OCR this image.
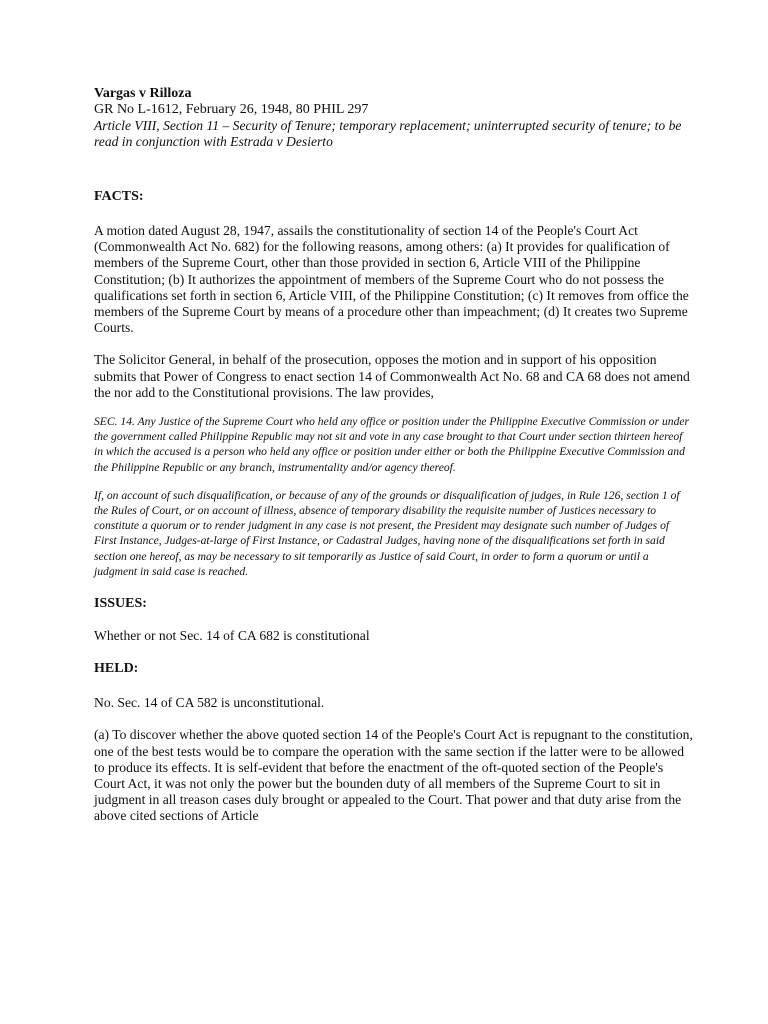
Vargas v Rilloza

GR No L-1612, February 26, 1948, 80 PHIL 297

Article VIII, Section 11 – Security of Tenure; temporary replacement; uninterrupted security of tenure; to be read in conjunction with Estrada v Desierto

FACTS:

A motion dated August 28, 1947, assails the constitutionality of section 14 of the People's Court Act (Commonwealth Act No. 682) for the following reasons, among others: (a) It provides for qualification of members of the Supreme Court, other than those provided in section 6, Article VIII of the Philippine Constitution; (b) It authorizes the appointment of members of the Supreme Court who do not possess the qualifications set forth in section 6, Article VIII, of the Philippine Constitution; (c) It removes from office the members of the Supreme Court by means of a procedure other than impeachment; (d) It creates two Supreme Courts.

The Solicitor General, in behalf of the prosecution, opposes the motion and in support of his opposition submits that Power of Congress to enact section 14 of Commonwealth Act No. 68 and CA 68 does not amend the nor add to the Constitutional provisions. The law provides,

SEC. 14. Any Justice of the Supreme Court who held any office or position under the Philippine Executive Commission or under the government called Philippine Republic may not sit and vote in any case brought to that Court under section thirteen hereof in which the accused is a person who held any office or position under either or both the Philippine Executive Commission and the Philippine Republic or any branch, instrumentality and/or agency thereof.

If, on account of such disqualification, or because of any of the grounds or disqualification of judges, in Rule 126, section 1 of the Rules of Court, or on account of illness, absence of temporary disability the requisite number of Justices necessary to constitute a quorum or to render judgment in any case is not present, the President may designate such number of Judges of First Instance, Judges-at-large of First Instance, or Cadastral Judges, having none of the disqualifications set forth in said section one hereof, as may be necessary to sit temporarily as Justice of said Court, in order to form a quorum or until a judgment in said case is reached.

ISSUES:

Whether or not Sec. 14 of CA 682 is constitutional

HELD:

No. Sec. 14 of CA 582 is unconstitutional.

(a) To discover whether the above quoted section 14 of the People's Court Act is repugnant to the constitution, one of the best tests would be to compare the operation with the same section if the latter were to be allowed to produce its effects. It is self-evident that before the enactment of the oft-quoted section of the People's Court Act, it was not only the power but the bounden duty of all members of the Supreme Court to sit in judgment in all treason cases duly brought or appealed to the Court. That power and that duty arise from the above cited sections of Article
